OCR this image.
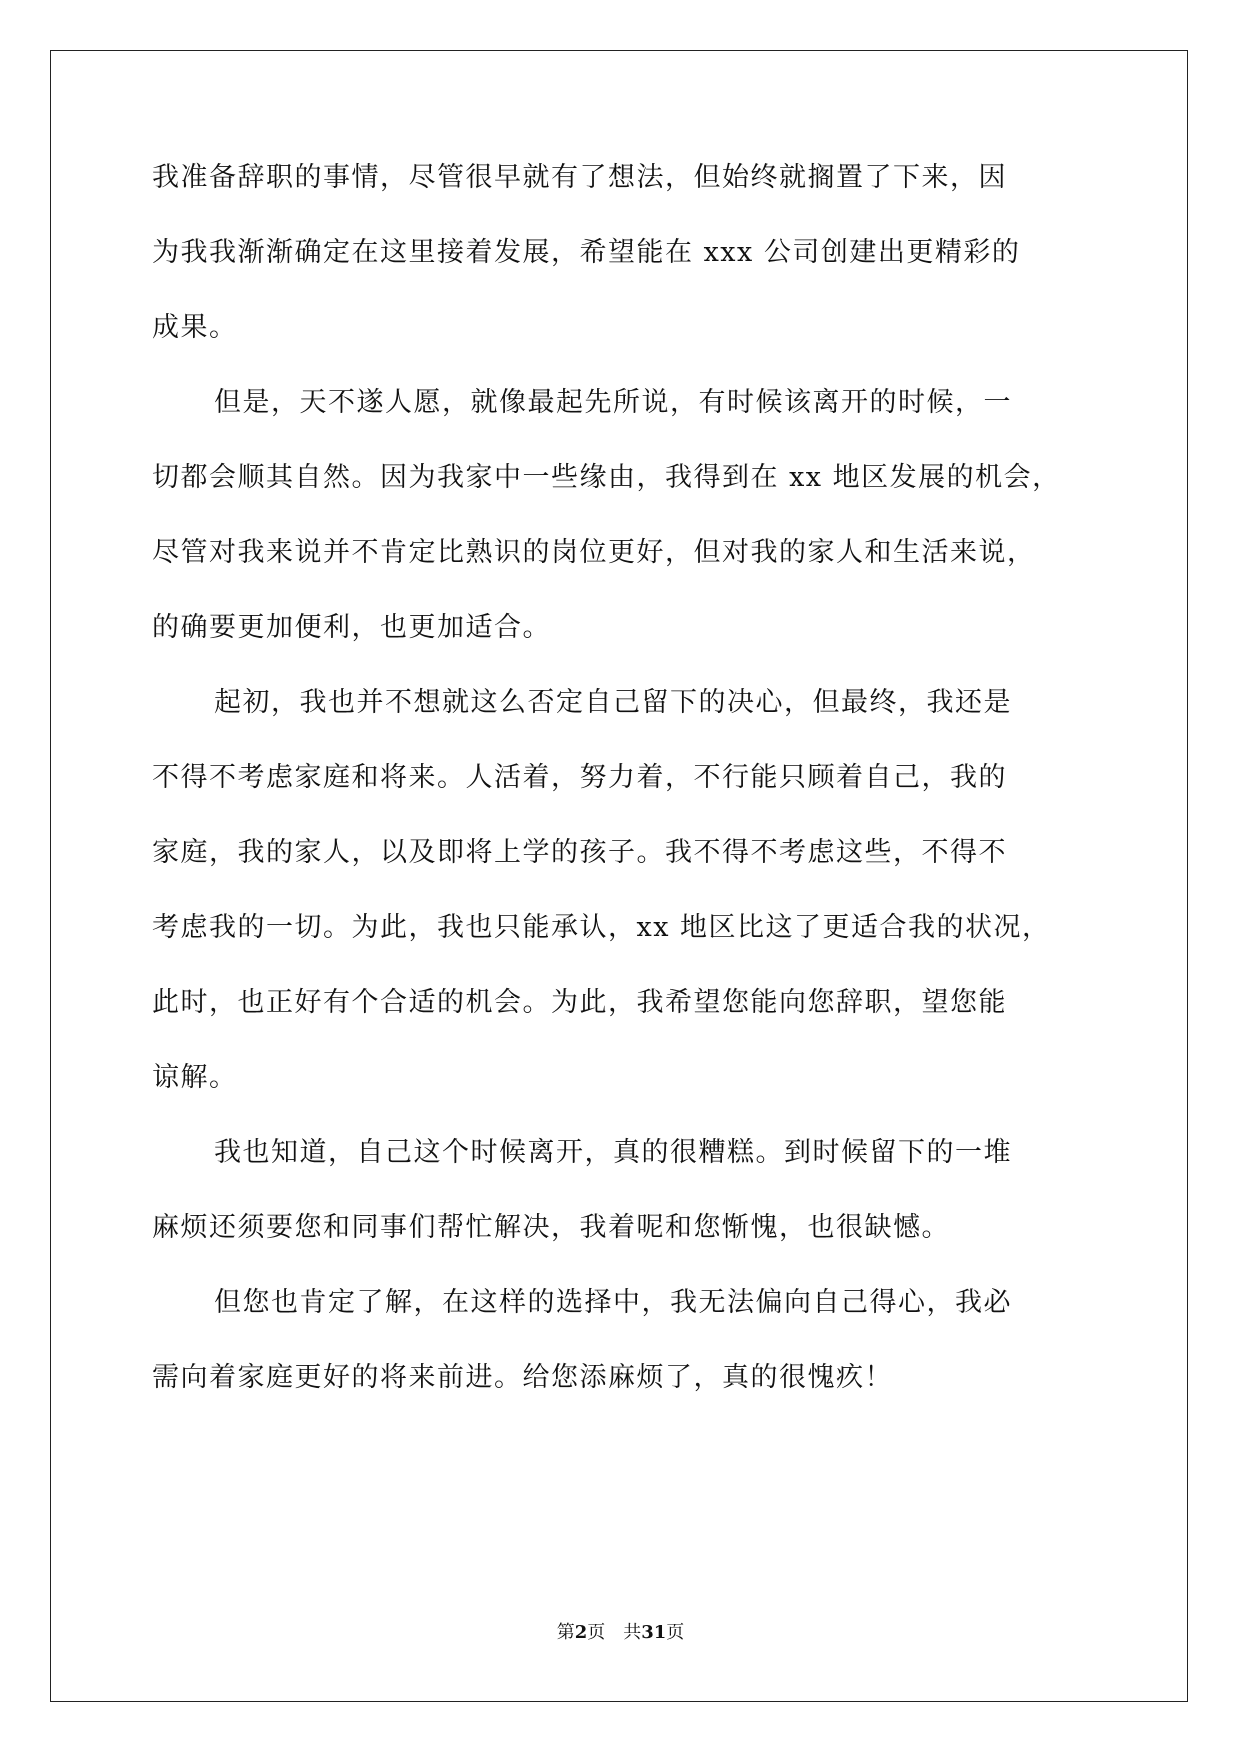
我准备辞职的事情，尽管很早就有了想法，但始终就搁置了下来，因
为我我渐渐确定在这里接着发展，希望能在 xxx 公司创建出更精彩的
成果。
但是，天不遂人愿，就像最起先所说，有时候该离开的时候，一
切都会顺其自然。因为我家中一些缘由，我得到在 xx 地区发展的机会，
尽管对我来说并不肯定比熟识的岗位更好，但对我的家人和生活来说，
的确要更加便利，也更加适合。
起初，我也并不想就这么否定自己留下的决心，但最终，我还是
不得不考虑家庭和将来。人活着，努力着，不行能只顾着自己，我的
家庭，我的家人，以及即将上学的孩子。我不得不考虑这些，不得不
考虑我的一切。为此，我也只能承认，xx 地区比这了更适合我的状况，
此时，也正好有个合适的机会。为此，我希望您能向您辞职，望您能
谅解。
我也知道，自己这个时候离开，真的很糟糕。到时候留下的一堆
麻烦还须要您和同事们帮忙解决，我着呢和您惭愧，也很缺憾。
但您也肯定了解，在这样的选择中，我无法偏向自己得心，我必
需向着家庭更好的将来前进。给您添麻烦了，真的很愧疚！
第2页 共31页
